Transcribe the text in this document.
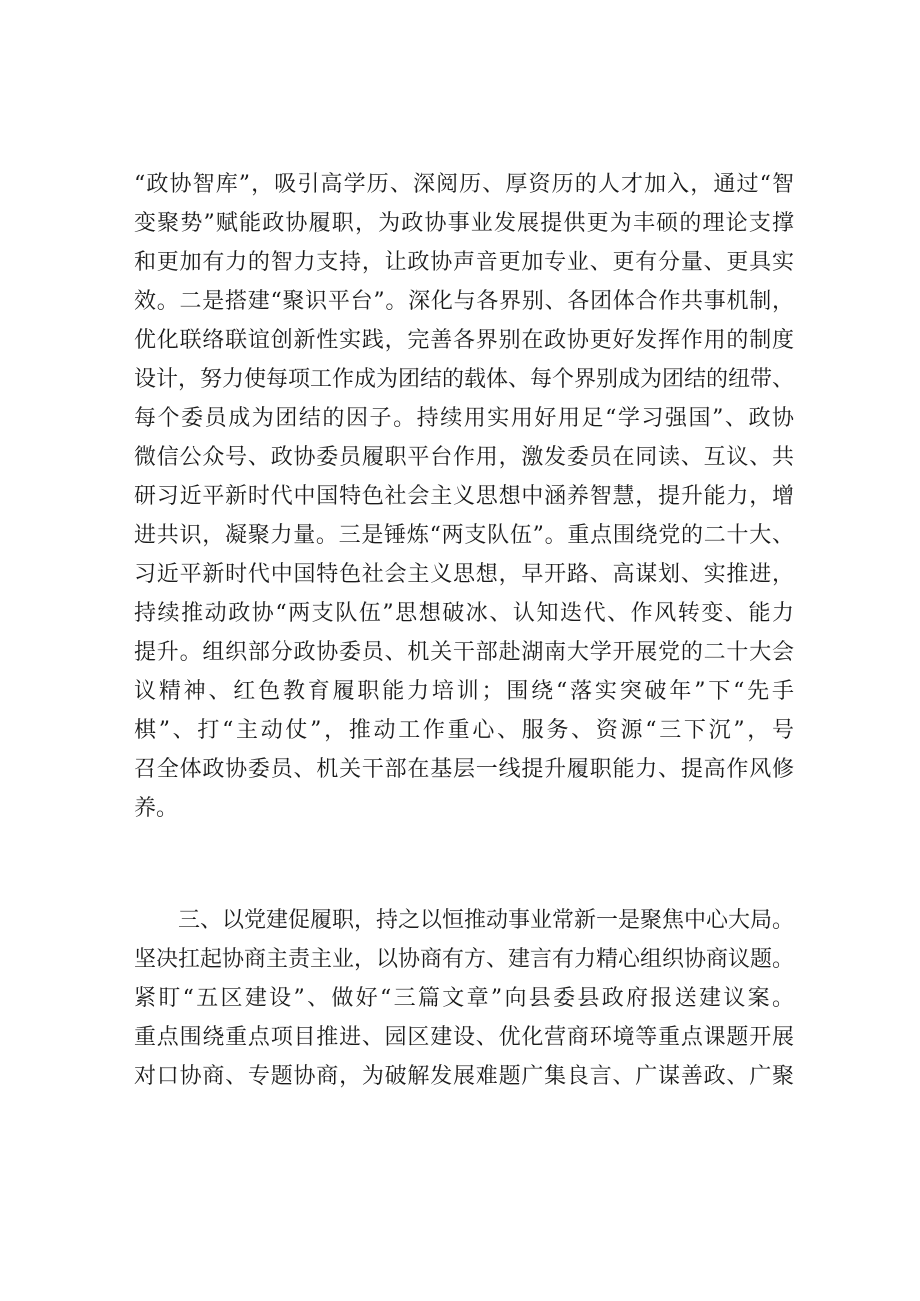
“政协智库”，吸引高学历、深阅历、厚资历的人才加入，通过“智
变聚势”赋能政协履职，为政协事业发展提供更为丰硕的理论支撑
和更加有力的智力支持，让政协声音更加专业、更有分量、更具实
效。二是搭建“聚识平台”。深化与各界别、各团体合作共事机制，
优化联络联谊创新性实践，完善各界别在政协更好发挥作用的制度
设计，努力使每项工作成为团结的载体、每个界别成为团结的纽带、
每个委员成为团结的因子。持续用实用好用足“学习强国”、政协
微信公众号、政协委员履职平台作用，激发委员在同读、互议、共
研习近平新时代中国特色社会主义思想中涵养智慧，提升能力，增
进共识，凝聚力量。三是锤炼“两支队伍”。重点围绕党的二十大、
习近平新时代中国特色社会主义思想，早开路、高谋划、实推进，
持续推动政协“两支队伍”思想破冰、认知迭代、作风转变、能力
提升。组织部分政协委员、机关干部赴湖南大学开展党的二十大会
议精神、红色教育履职能力培训；围绕“落实突破年”下“先手
棋”、打“主动仗”，推动工作重心、服务、资源“三下沉”，号
召全体政协委员、机关干部在基层一线提升履职能力、提高作风修
养。
　　三、以党建促履职，持之以恒推动事业常新一是聚焦中心大局。
坚决扛起协商主责主业，以协商有方、建言有力精心组织协商议题。
紧盯“五区建设”、做好“三篇文章”向县委县政府报送建议案。
重点围绕重点项目推进、园区建设、优化营商环境等重点课题开展
对口协商、专题协商，为破解发展难题广集良言、广谋善政、广聚
